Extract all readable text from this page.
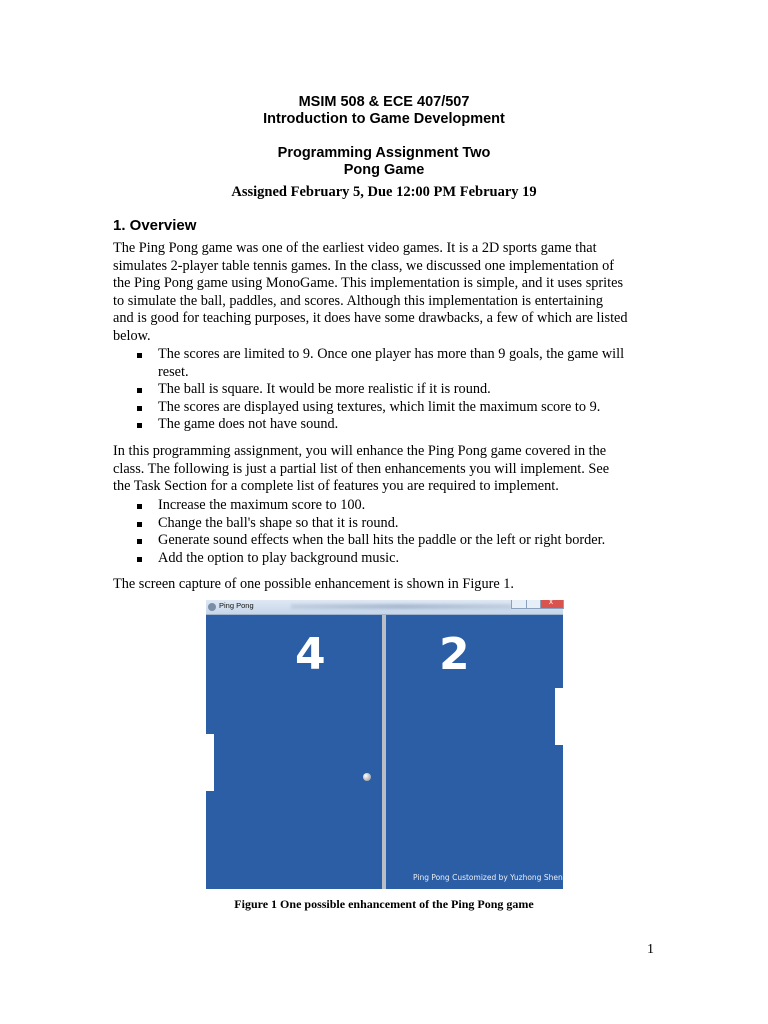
MSIM 508 & ECE 407/507
Introduction to Game Development
Programming Assignment Two
Pong Game
Assigned February 5, Due 12:00 PM February 19
1. Overview
The Ping Pong game was one of the earliest video games. It is a 2D sports game that
simulates 2-player table tennis games. In the class, we discussed one implementation of
the Ping Pong game using MonoGame. This implementation is simple, and it uses sprites
to simulate the ball, paddles, and scores. Although this implementation is entertaining
and is good for teaching purposes, it does have some drawbacks, a few of which are listed
below.
The scores are limited to 9. Once one player has more than 9 goals, the game will reset.
The ball is square. It would be more realistic if it is round.
The scores are displayed using textures, which limit the maximum score to 9.
The game does not have sound.
In this programming assignment, you will enhance the Ping Pong game covered in the
class. The following is just a partial list of then enhancements you will implement. See
the Task Section for a complete list of features you are required to implement.
Increase the maximum score to 100.
Change the ball's shape so that it is round.
Generate sound effects when the ball hits the paddle or the left or right border.
Add the option to play background music.
The screen capture of one possible enhancement is shown in Figure 1.
Ping Pong
x
4	2
Ping Pong Customized by Yuzhong Shen
Figure 1 One possible enhancement of the Ping Pong game
1
